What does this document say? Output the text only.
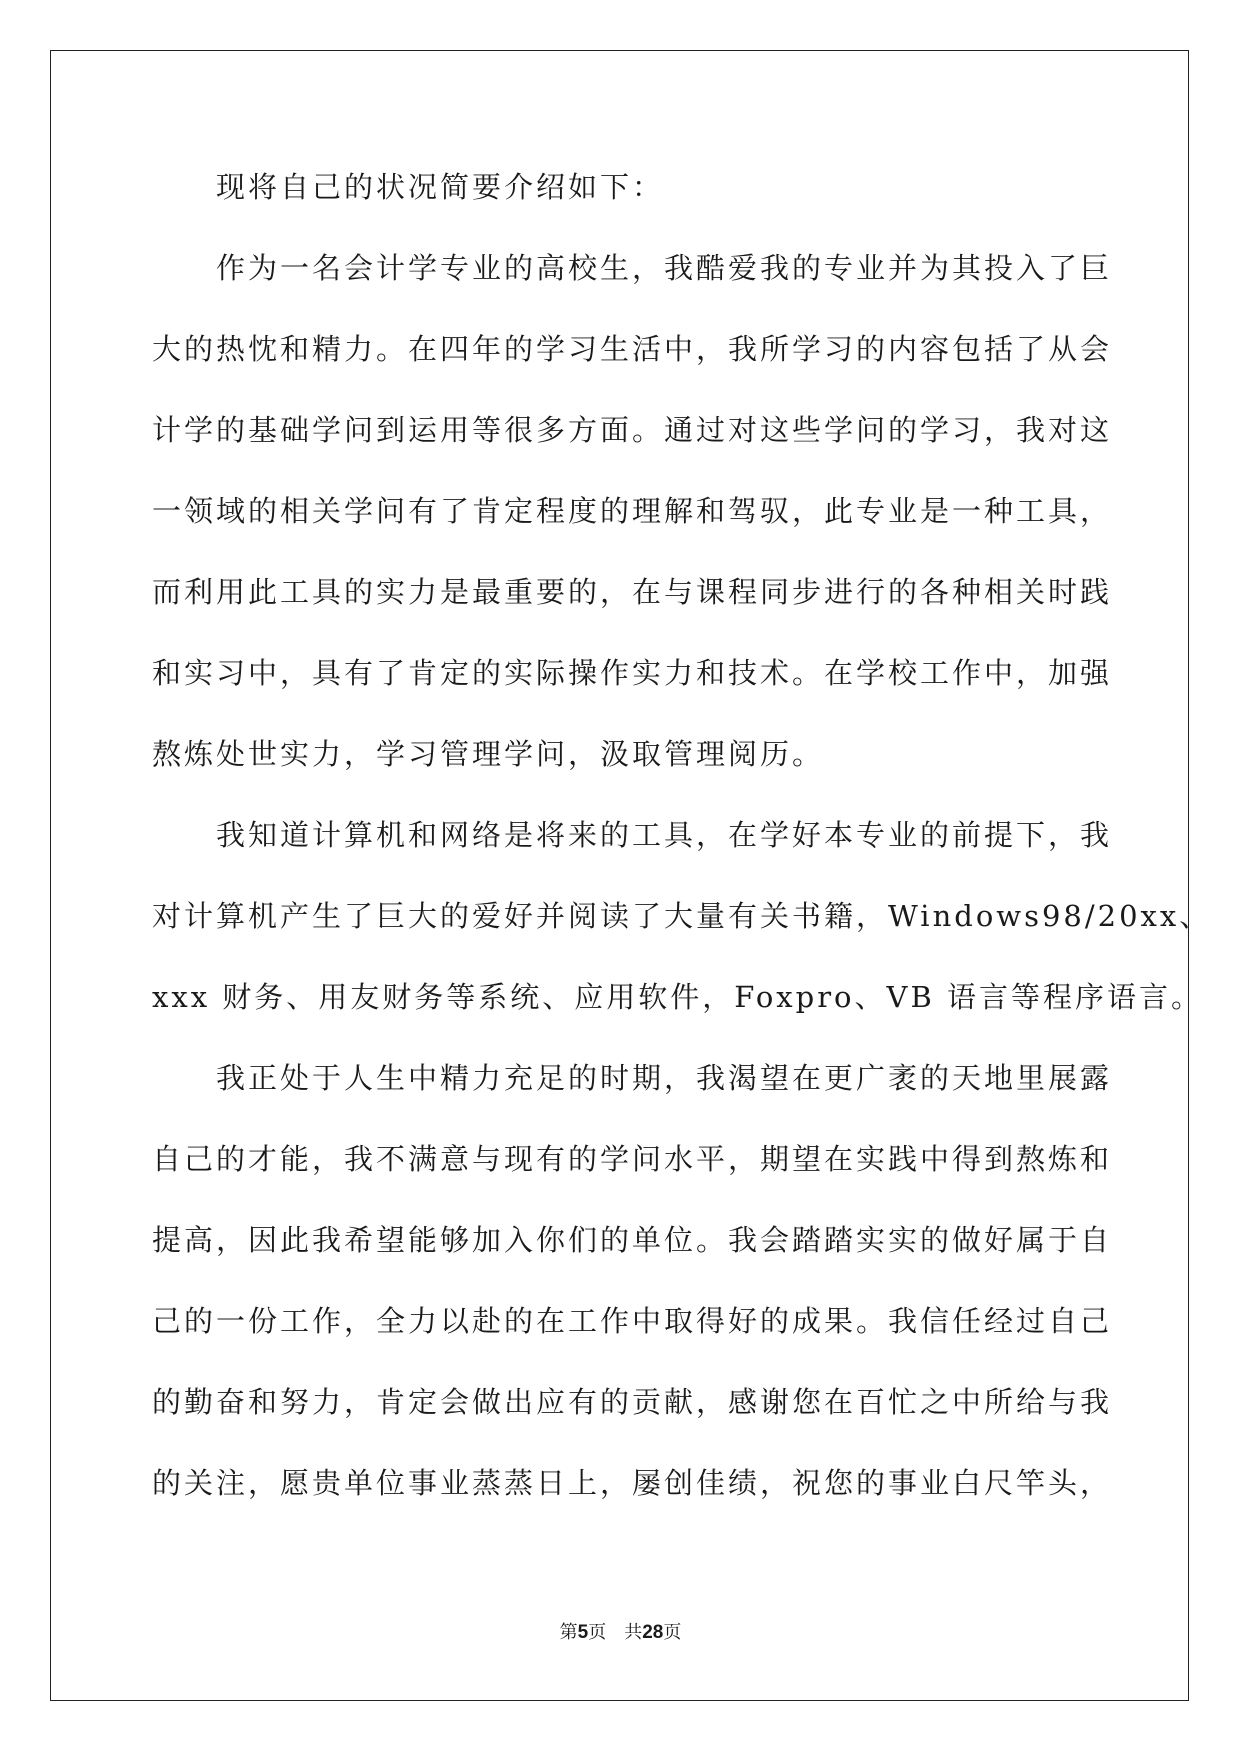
现将自己的状况简要介绍如下：
作为一名会计学专业的高校生，我酷爱我的专业并为其投入了巨
大的热忱和精力。在四年的学习生活中，我所学习的内容包括了从会
计学的基础学问到运用等很多方面。通过对这些学问的学习，我对这
一领域的相关学问有了肯定程度的理解和驾驭，此专业是一种工具，
而利用此工具的实力是最重要的，在与课程同步进行的各种相关时践
和实习中，具有了肯定的实际操作实力和技术。在学校工作中，加强
熬炼处世实力，学习管理学问，汲取管理阅历。
我知道计算机和网络是将来的工具，在学好本专业的前提下，我
对计算机产生了巨大的爱好并阅读了大量有关书籍，Windows98/20xx、
xxx 财务、用友财务等系统、应用软件，Foxpro、VB 语言等程序语言。
我正处于人生中精力充足的时期，我渴望在更广袤的天地里展露
自己的才能，我不满意与现有的学问水平，期望在实践中得到熬炼和
提高，因此我希望能够加入你们的单位。我会踏踏实实的做好属于自
己的一份工作，全力以赴的在工作中取得好的成果。我信任经过自己
的勤奋和努力，肯定会做出应有的贡献，感谢您在百忙之中所给与我
的关注，愿贵单位事业蒸蒸日上，屡创佳绩，祝您的事业白尺竿头，
第5页 共28页
